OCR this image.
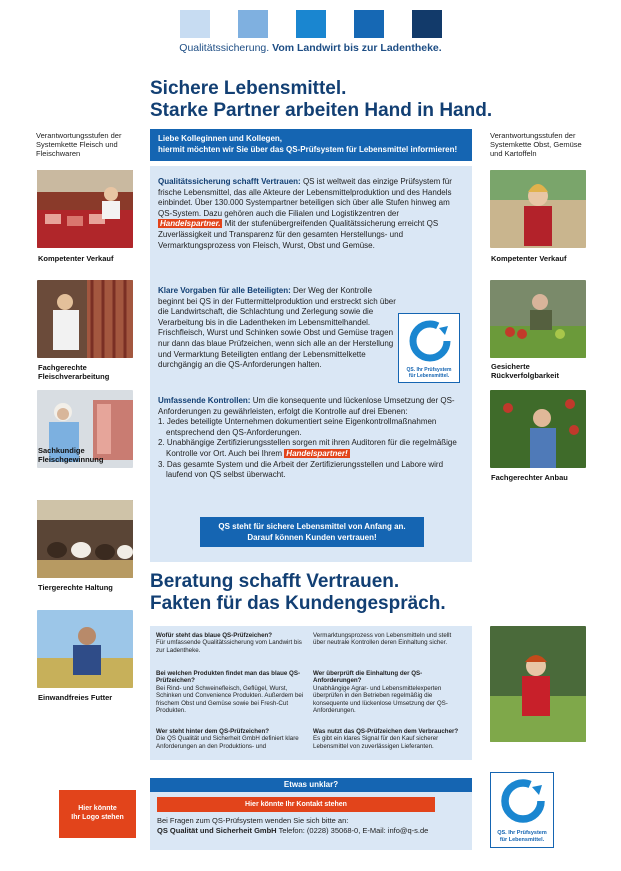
Qualitätssicherung. Vom Landwirt bis zur Ladentheke.
Sichere Lebensmittel.
Starke Partner arbeiten Hand in Hand.
Verantwortungsstufen der Systemkette Fleisch und Fleischwaren
Kompetenter Verkauf
Fachgerechte Fleischverarbeitung
Sachkundige Fleischgewinnung
Tiergerechte Haltung
Einwandfreies Futter
Verantwortungsstufen der Systemkette Obst, Gemüse und Kartoffeln
Kompetenter Verkauf
Gesicherte Rückverfolgbarkeit
Fachgerechter Anbau
Liebe Kolleginnen und Kollegen,
hiermit möchten wir Sie über das QS-Prüfsystem für Lebensmittel informieren!
Qualitätssicherung schafft Vertrauen: QS ist weltweit das einzige Prüfsystem für frische Lebensmittel, das alle Akteure der Lebensmittelproduktion und des Handels einbindet. Über 130.000 Systempartner beteiligen sich über alle Stufen hinweg am QS-System. Dazu gehören auch die Filialen und Logistikzentren der Handelspartner. Mit der stufenübergreifenden Qualitätssicherung erreicht QS Zuverlässigkeit und Transparenz für den gesamten Herstellungs- und Vermarktungsprozess von Fleisch, Wurst, Obst und Gemüse.
Klare Vorgaben für alle Beteiligten: Der Weg der Kontrolle beginnt bei QS in der Futtermittelproduktion und erstreckt sich über die Landwirtschaft, die Schlachtung und Zerlegung sowie die Verarbeitung bis in die Ladentheken im Lebensmittelhandel. Frischfleisch, Wurst und Schinken sowie Obst und Gemüse tragen nur dann das blaue Prüfzeichen, wenn sich alle an der Herstellung und Vermarktung Beteiligten entlang der Lebensmittelkette durchgängig an die QS-Anforderungen halten.
QS. Ihr Prüfsystem
für Lebensmittel.
Umfassende Kontrollen: Um die konsequente und lückenlose Umsetzung der QS-Anforderungen zu gewährleisten, erfolgt die Kontrolle auf drei Ebenen:
1. Jedes beteiligte Unternehmen dokumentiert seine Eigenkontrollmaßnahmen entsprechend den QS-Anforderungen.
2. Unabhängige Zertifizierungsstellen sorgen mit ihren Auditoren für die regelmäßige Kontrolle vor Ort. Auch bei Ihrem Handelspartner!
3. Das gesamte System und die Arbeit der Zertifizierungsstellen und Labore wird laufend von QS selbst überwacht.
QS steht für sichere Lebensmittel von Anfang an.
Darauf können Kunden vertrauen!
Beratung schafft Vertrauen.
Fakten für das Kundengespräch.
Wofür steht das blaue QS-Prüfzeichen?
Für umfassende Qualitätssicherung vom Landwirt bis zur Ladentheke.
Bei welchen Produkten findet man das blaue QS-Prüfzeichen?
Bei Rind- und Schweinefleisch, Geflügel, Wurst, Schinken und Convenience Produkten. Außerdem bei frischem Obst und Gemüse sowie bei Fresh-Cut Produkten.
Wer steht hinter dem QS-Prüfzeichen?
Die QS Qualität und Sicherheit GmbH definiert klare Anforderungen an den Produktions- und
Vermarktungsprozess von Lebensmitteln und stellt über neutrale Kontrollen deren Einhaltung sicher.
Wer überprüft die Einhaltung der QS-Anforderungen?
Unabhängige Agrar- und Lebensmittelexperten überprüfen in den Betrieben regelmäßig die konsequente und lückenlose Umsetzung der QS-Anforderungen.
Was nutzt das QS-Prüfzeichen dem Verbraucher?
Es gibt ein klares Signal für den Kauf sicherer Lebensmittel von zuverlässigen Lieferanten.
Etwas unklar?
Hier könnte Ihr Kontakt stehen
Bei Fragen zum QS-Prüfsystem wenden Sie sich bitte an:
QS Qualität und Sicherheit GmbH Telefon: (0228) 35068-0, E-Mail: info@q-s.de
Hier könnte
Ihr Logo stehen
QS. Ihr Prüfsystem
für Lebensmittel.
